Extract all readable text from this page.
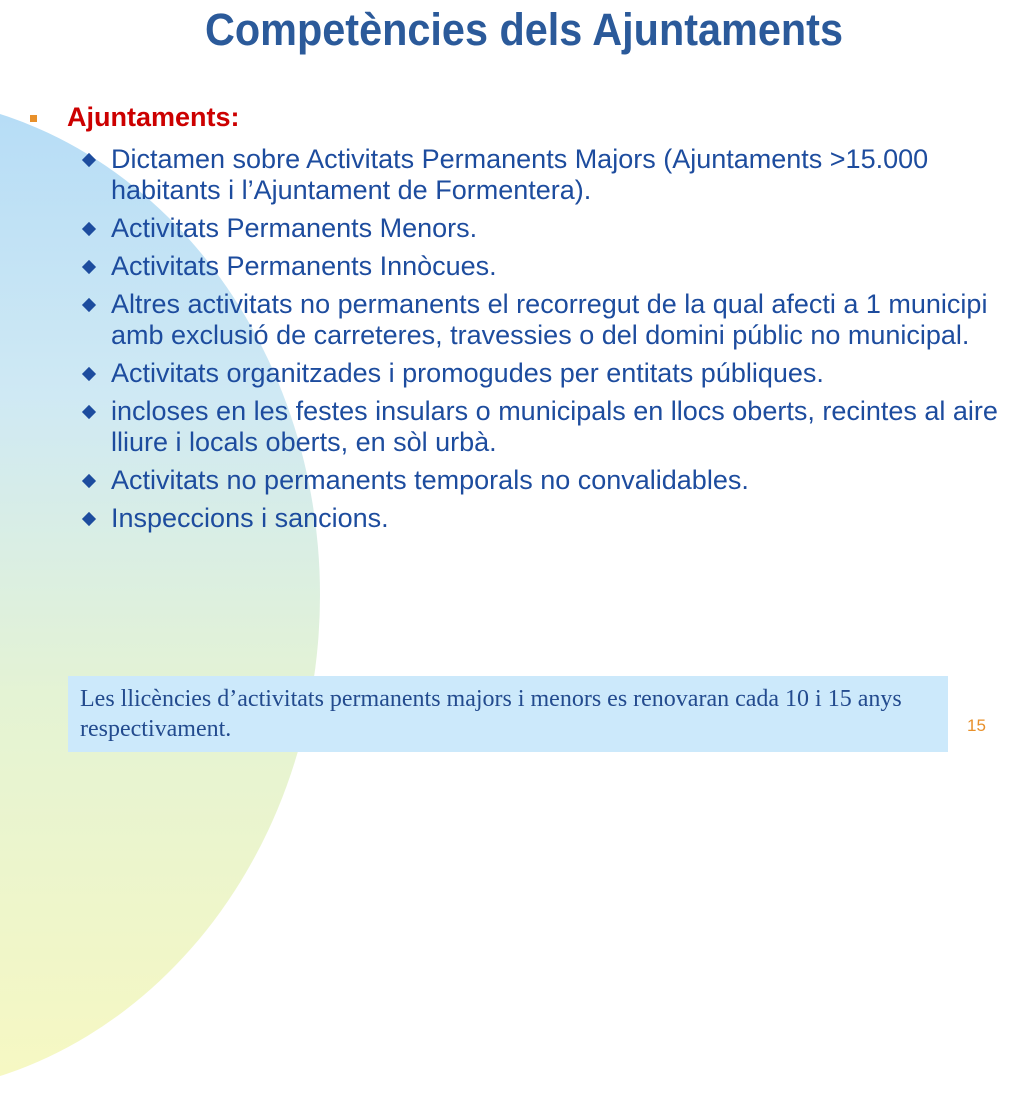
Competències dels Ajuntaments
Ajuntaments:
Dictamen sobre Activitats Permanents Majors (Ajuntaments >15.000 habitants i l’Ajuntament de Formentera).
Activitats Permanents Menors.
Activitats Permanents Innòcues.
Altres activitats no permanents el recorregut de la qual afecti a 1 municipi amb exclusió de carreteres, travessies o del domini públic no municipal.
Activitats organitzades i promogudes per entitats públiques.
incloses en les festes insulars o municipals en llocs oberts, recintes al aire lliure i locals oberts, en sòl urbà.
Activitats no permanents temporals no convalidables.
Inspeccions i sancions.
Les llicències d’activitats permanents majors i menors es renovaran cada 10 i 15 anys respectivament.	15
